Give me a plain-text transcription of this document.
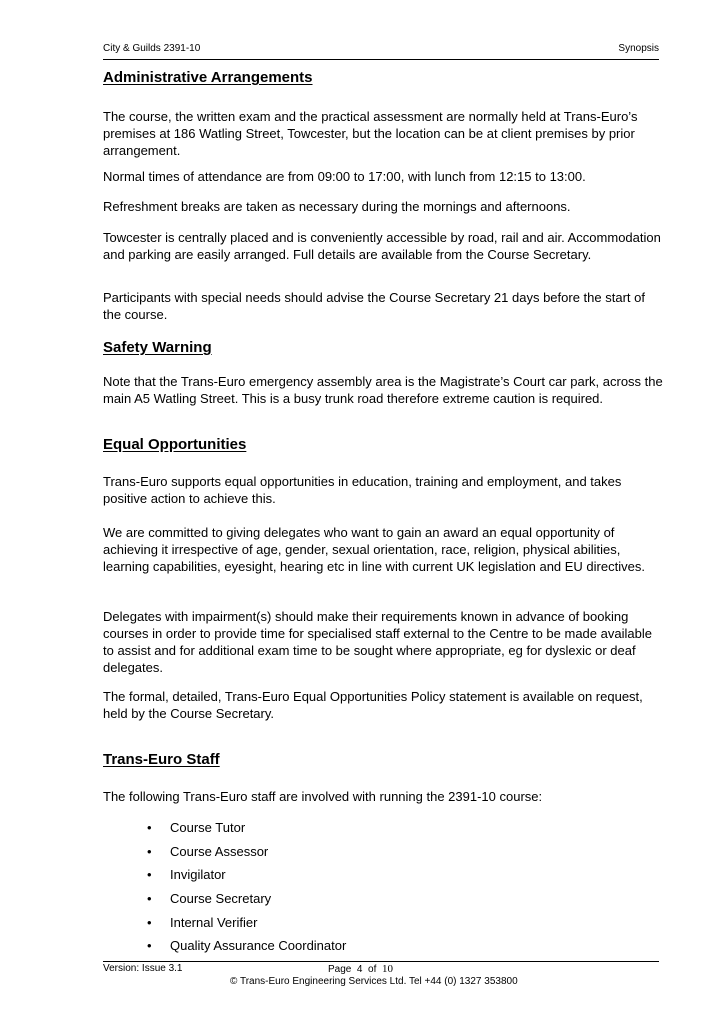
City & Guilds 2391-10	Synopsis
Administrative Arrangements

The course, the written exam and the practical assessment are normally held at Trans-Euro’s premises at 186 Watling Street, Towcester, but the location can be at client premises by prior arrangement.

Normal times of attendance are from 09:00 to 17:00, with lunch from 12:15 to 13:00.

Refreshment breaks are taken as necessary during the mornings and afternoons.

Towcester is centrally placed and is conveniently accessible by road, rail and air. Accommodation and parking are easily arranged. Full details are available from the Course Secretary.

Participants with special needs should advise the Course Secretary 21 days before the start of the course.

Safety Warning

Note that the Trans-Euro emergency assembly area is the Magistrate’s Court car park, across the main A5 Watling Street. This is a busy trunk road therefore extreme caution is required.

Equal Opportunities

Trans-Euro supports equal opportunities in education, training and employment, and takes positive action to achieve this.

We are committed to giving delegates who want to gain an award an equal opportunity of achieving it irrespective of age, gender, sexual orientation, race, religion, physical abilities, learning capabilities, eyesight, hearing etc in line with current UK legislation and EU directives.

Delegates with impairment(s) should make their requirements known in advance of booking courses in order to provide time for specialised staff external to the Centre to be made available to assist and for additional exam time to be sought where appropriate, eg for dyslexic or deaf delegates.

The formal, detailed, Trans-Euro Equal Opportunities Policy statement is available on request, held by the Course Secretary.

Trans-Euro Staff

The following Trans-Euro staff are involved with running the 2391-10 course:

• Course Tutor
• Course Assessor
• Invigilator
• Course Secretary
• Internal Verifier
• Quality Assurance Coordinator
Version: Issue 3.1	Page 4 of 10
© Trans-Euro Engineering Services Ltd. Tel +44 (0) 1327 353800
